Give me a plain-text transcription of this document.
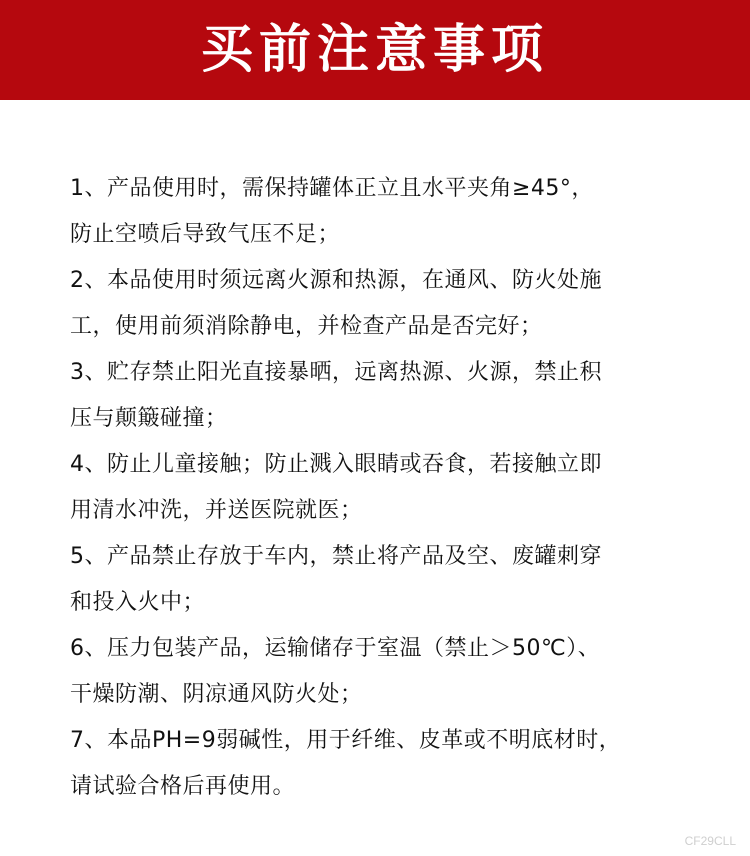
买前注意事项
1、产品使用时，需保持罐体正立且水平夹角≥45°，
防止空喷后导致气压不足；
2、本品使用时须远离火源和热源，在通风、防火处施
工，使用前须消除静电，并检查产品是否完好；
3、贮存禁止阳光直接暴晒，远离热源、火源，禁止积
压与颠簸碰撞；
4、防止儿童接触；防止溅入眼睛或吞食，若接触立即
用清水冲洗，并送医院就医；
5、产品禁止存放于车内，禁止将产品及空、废罐刺穿
和投入火中；
6、压力包装产品，运输储存于室温（禁止＞50℃）、
干燥防潮、阴凉通风防火处；
7、本品PH=9弱碱性，用于纤维、皮革或不明底材时，
请试验合格后再使用。
CF29CLL
